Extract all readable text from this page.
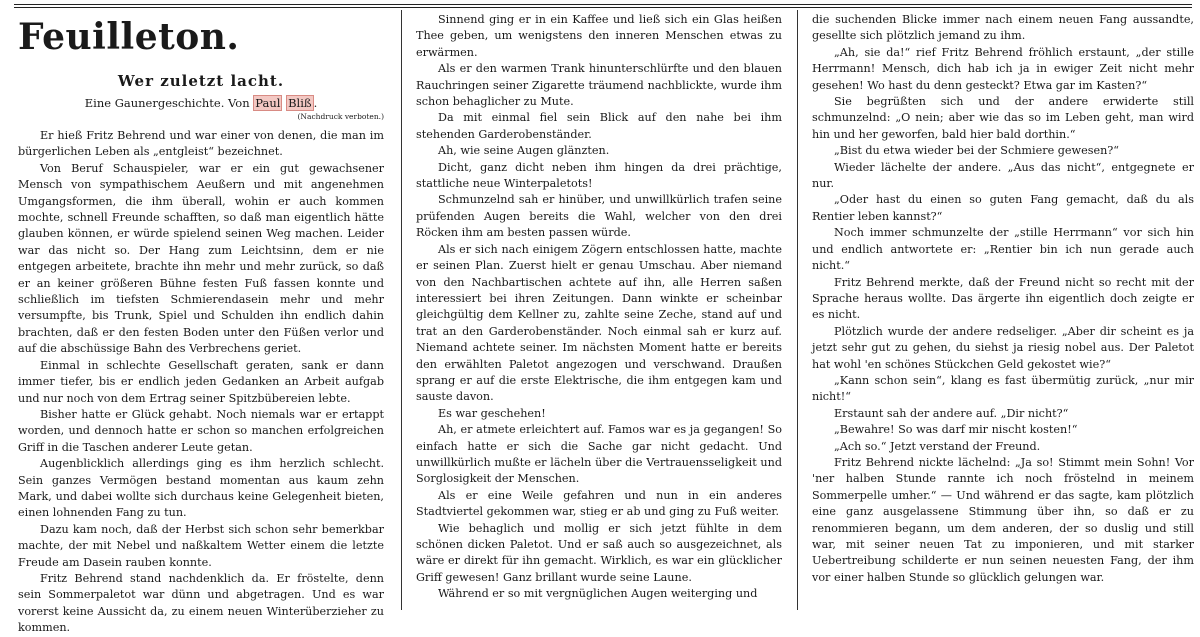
Feuilleton.
Wer zuletzt lacht.
Eine Gaunergeschichte. Von Paul Bliß .
(Nachdruck verboten.)

Er hieß Fritz Behrend und war einer von denen, die man im bürgerlichen Leben als „entgleist“ bezeichnet.

Von Beruf Schauspieler, war er ein gut gewachsener Mensch von sympathischem Aeußern und mit angenehmen Umgangsformen, die ihm überall, wohin er auch kommen mochte, schnell Freunde schafften, so daß man eigentlich hätte glauben können, er würde spielend seinen Weg machen. Leider war das nicht so. Der Hang zum Leichtsinn, dem er nie entgegen arbeitete, brachte ihn mehr und mehr zurück, so daß er an keiner größeren Bühne festen Fuß fassen konnte und schließlich im tiefsten Schmierendasein mehr und mehr versumpfte, bis Trunk, Spiel und Schulden ihn endlich dahin brachten, daß er den festen Boden unter den Füßen verlor und auf die abschüssige Bahn des Verbrechens geriet.

Einmal in schlechte Gesellschaft geraten, sank er dann immer tiefer, bis er endlich jeden Gedanken an Arbeit aufgab und nur noch von dem Ertrag seiner Spitzbübereien lebte.

Bisher hatte er Glück gehabt. Noch niemals war er ertappt worden, und dennoch hatte er schon so manchen erfolgreichen Griff in die Taschen anderer Leute getan.

Augenblicklich allerdings ging es ihm herzlich schlecht. Sein ganzes Vermögen bestand momentan aus kaum zehn Mark, und dabei wollte sich durchaus keine Gelegenheit bieten, einen lohnenden Fang zu tun.

Dazu kam noch, daß der Herbst sich schon sehr bemerkbar machte, der mit Nebel und naßkaltem Wetter einem die letzte Freude am Dasein rauben konnte.

Fritz Behrend stand nachdenklich da. Er fröstelte, denn sein Sommerpaletot war dünn und abgetragen. Und es war vorerst keine Aussicht da, zu einem neuen Winterüberzieher zu kommen.

Sinnend ging er in ein Kaffee und ließ sich ein Glas heißen Thee geben, um wenigstens den inneren Menschen etwas zu erwärmen.

Als er den warmen Trank hinunterschlürfte und den blauen Rauchringen seiner Zigarette träumend nachblickte, wurde ihm schon behaglicher zu Mute.

Da mit einmal fiel sein Blick auf den nahe bei ihm stehenden Garderobenständer.

Ah, wie seine Augen glänzten.

Dicht, ganz dicht neben ihm hingen da drei prächtige, stattliche neue Winterpaletots!

Schmunzelnd sah er hinüber, und unwillkürlich trafen seine prüfenden Augen bereits die Wahl, welcher von den drei Röcken ihm am besten passen würde.

Als er sich nach einigem Zögern entschlossen hatte, machte er seinen Plan. Zuerst hielt er genau Umschau. Aber niemand von den Nachbartischen achtete auf ihn, alle Herren saßen interessiert bei ihren Zeitungen. Dann winkte er scheinbar gleichgültig dem Kellner zu, zahlte seine Zeche, stand auf und trat an den Garderobenständer. Noch einmal sah er kurz auf. Niemand achtete seiner. Im nächsten Moment hatte er bereits den erwählten Paletot angezogen und verschwand. Draußen sprang er auf die erste Elektrische, die ihm entgegen kam und sauste davon.

Es war geschehen!

Ah, er atmete erleichtert auf. Famos war es ja gegangen! So einfach hatte er sich die Sache gar nicht gedacht. Und unwillkürlich mußte er lächeln über die Vertrauensseligkeit und Sorglosigkeit der Menschen.

Als er eine Weile gefahren und nun in ein anderes Stadtviertel gekommen war, stieg er ab und ging zu Fuß weiter.

Wie behaglich und mollig er sich jetzt fühlte in dem schönen dicken Paletot. Und er saß auch so ausgezeichnet, als wäre er direkt für ihn gemacht. Wirklich, es war ein glücklicher Griff gewesen! Ganz brillant wurde seine Laune.

Während er so mit vergnüglichen Augen weiterging und

die suchenden Blicke immer nach einem neuen Fang aussandte, gesellte sich plötzlich jemand zu ihm.

„Ah, sie da!“ rief Fritz Behrend fröhlich erstaunt, „der stille Herrmann! Mensch, dich hab ich ja in ewiger Zeit nicht mehr gesehen! Wo hast du denn gesteckt? Etwa gar im Kasten?“

Sie begrüßten sich und der andere erwiderte still schmunzelnd: „O nein; aber wie das so im Leben geht, man wird hin und her geworfen, bald hier bald dorthin.“

„Bist du etwa wieder bei der Schmiere gewesen?“

Wieder lächelte der andere. „Aus das nicht“, entgegnete er nur.

„Oder hast du einen so guten Fang gemacht, daß du als Rentier leben kannst?“

Noch immer schmunzelte der „stille Herrmann“ vor sich hin und endlich antwortete er: „Rentier bin ich nun gerade auch nicht.“

Fritz Behrend merkte, daß der Freund nicht so recht mit der Sprache heraus wollte. Das ärgerte ihn eigentlich doch zeigte er es nicht.

Plötzlich wurde der andere redseliger. „Aber dir scheint es ja jetzt sehr gut zu gehen, du siehst ja riesig nobel aus. Der Paletot hat wohl 'en schönes Stückchen Geld gekostet wie?“

„Kann schon sein“, klang es fast übermütig zurück, „nur mir nicht!“

Erstaunt sah der andere auf. „Dir nicht?“

„Bewahre! So was darf mir nischt kosten!“

„Ach so.“ Jetzt verstand der Freund.

Fritz Behrend nickte lächelnd: „Ja so! Stimmt mein Sohn! Vor 'ner halben Stunde rannte ich noch fröstelnd in meinem Sommerpelle umher.“ — Und während er das sagte, kam plötzlich eine ganz ausgelassene Stimmung über ihn, so daß er zu renommieren begann, um dem anderen, der so duslig und still war, mit seiner neuen Tat zu imponieren, und mit starker Uebertreibung schilderte er nun seinen neuesten Fang, der ihm vor einer halben Stunde so glücklich gelungen war.
